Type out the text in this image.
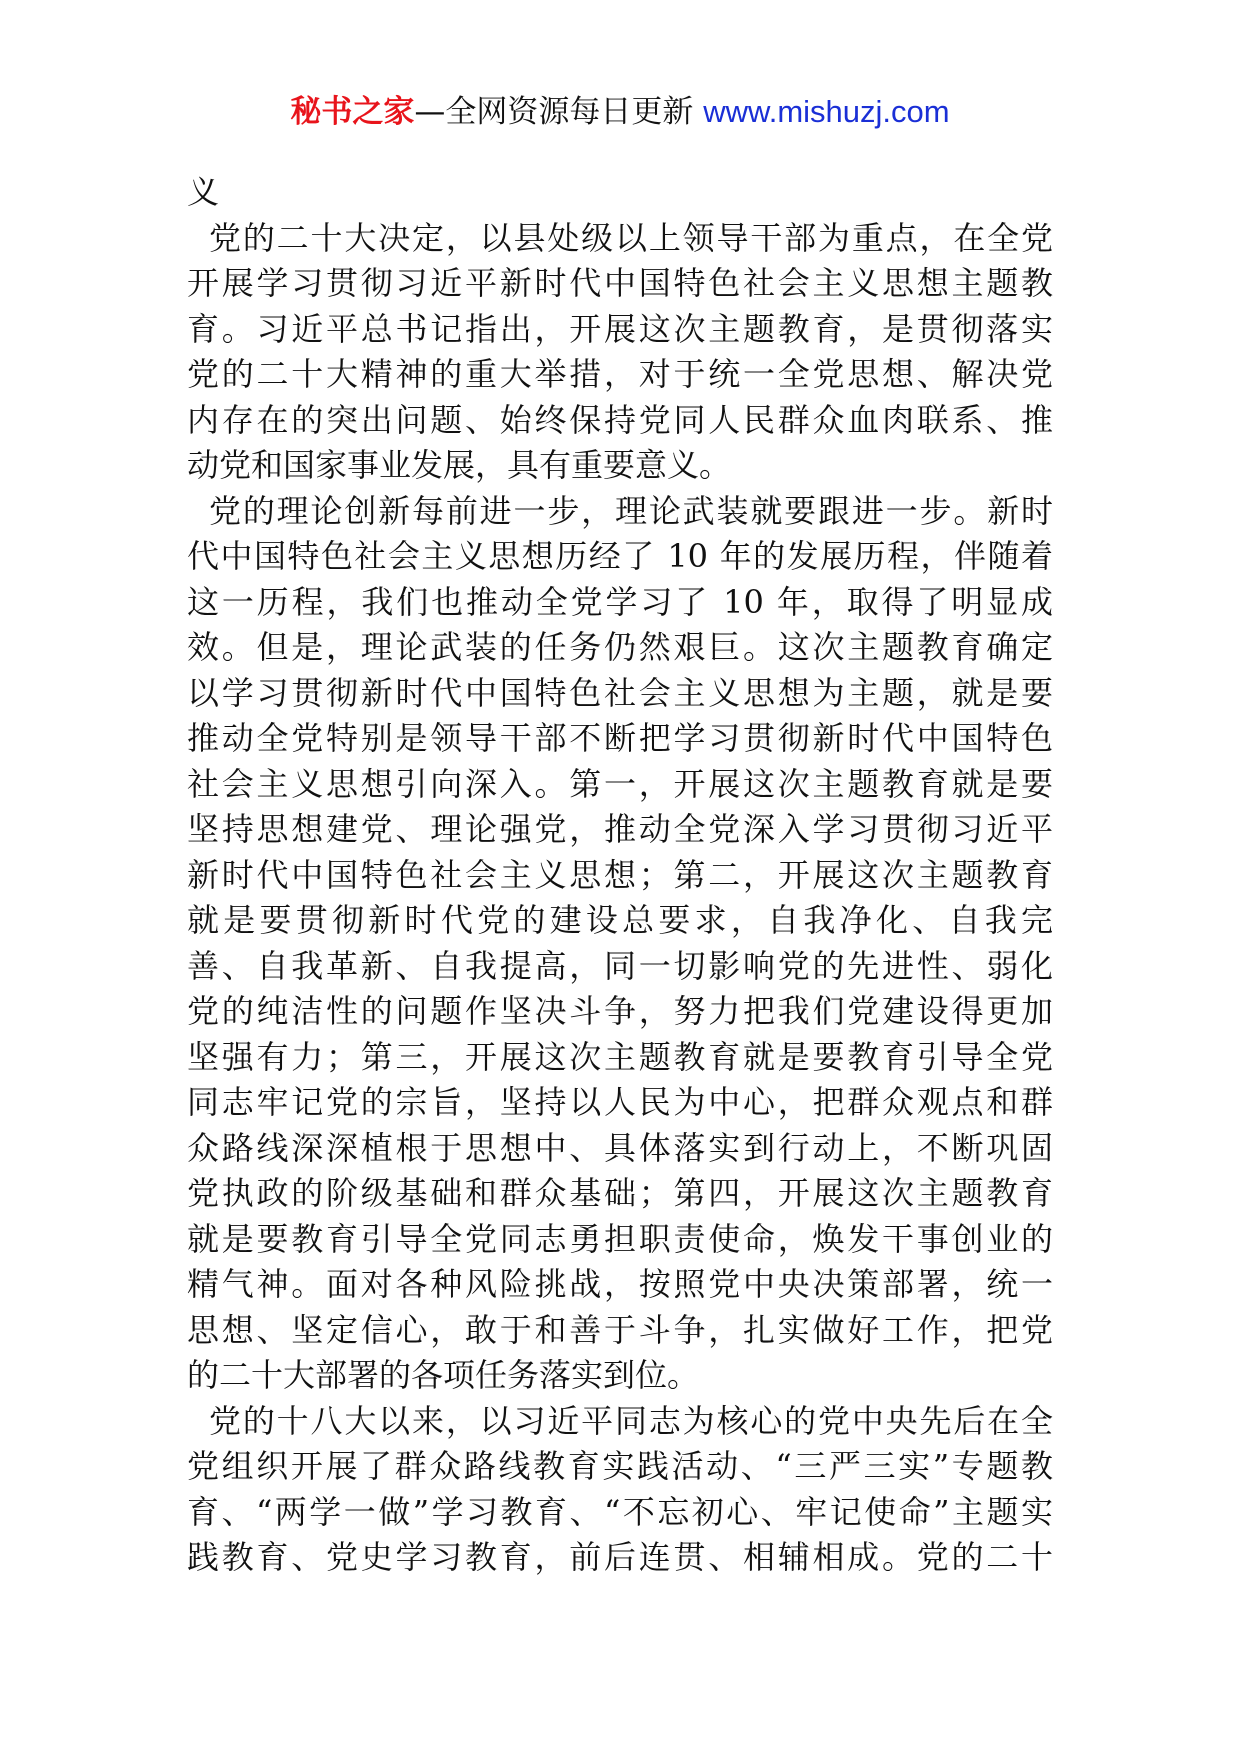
秘书之家—全网资源每日更新 www.mishuzj.com
义
党的二十大决定，以县处级以上领导干部为重点，在全党
开展学习贯彻习近平新时代中国特色社会主义思想主题教
育。习近平总书记指出，开展这次主题教育，是贯彻落实
党的二十大精神的重大举措，对于统一全党思想、解决党
内存在的突出问题、始终保持党同人民群众血肉联系、推
动党和国家事业发展，具有重要意义。
党的理论创新每前进一步，理论武装就要跟进一步。新时
代中国特色社会主义思想历经了 10 年的发展历程，伴随着
这一历程，我们也推动全党学习了 10 年，取得了明显成
效。但是，理论武装的任务仍然艰巨。这次主题教育确定
以学习贯彻新时代中国特色社会主义思想为主题，就是要
推动全党特别是领导干部不断把学习贯彻新时代中国特色
社会主义思想引向深入。第一，开展这次主题教育就是要
坚持思想建党、理论强党，推动全党深入学习贯彻习近平
新时代中国特色社会主义思想；第二，开展这次主题教育
就是要贯彻新时代党的建设总要求，自我净化、自我完
善、自我革新、自我提高，同一切影响党的先进性、弱化
党的纯洁性的问题作坚决斗争，努力把我们党建设得更加
坚强有力；第三，开展这次主题教育就是要教育引导全党
同志牢记党的宗旨，坚持以人民为中心，把群众观点和群
众路线深深植根于思想中、具体落实到行动上，不断巩固
党执政的阶级基础和群众基础；第四，开展这次主题教育
就是要教育引导全党同志勇担职责使命，焕发干事创业的
精气神。面对各种风险挑战，按照党中央决策部署，统一
思想、坚定信心，敢于和善于斗争，扎实做好工作，把党
的二十大部署的各项任务落实到位。
党的十八大以来，以习近平同志为核心的党中央先后在全
党组织开展了群众路线教育实践活动、“三严三实”专题教
育、“两学一做”学习教育、“不忘初心、牢记使命”主题实
践教育、党史学习教育，前后连贯、相辅相成。党的二十
